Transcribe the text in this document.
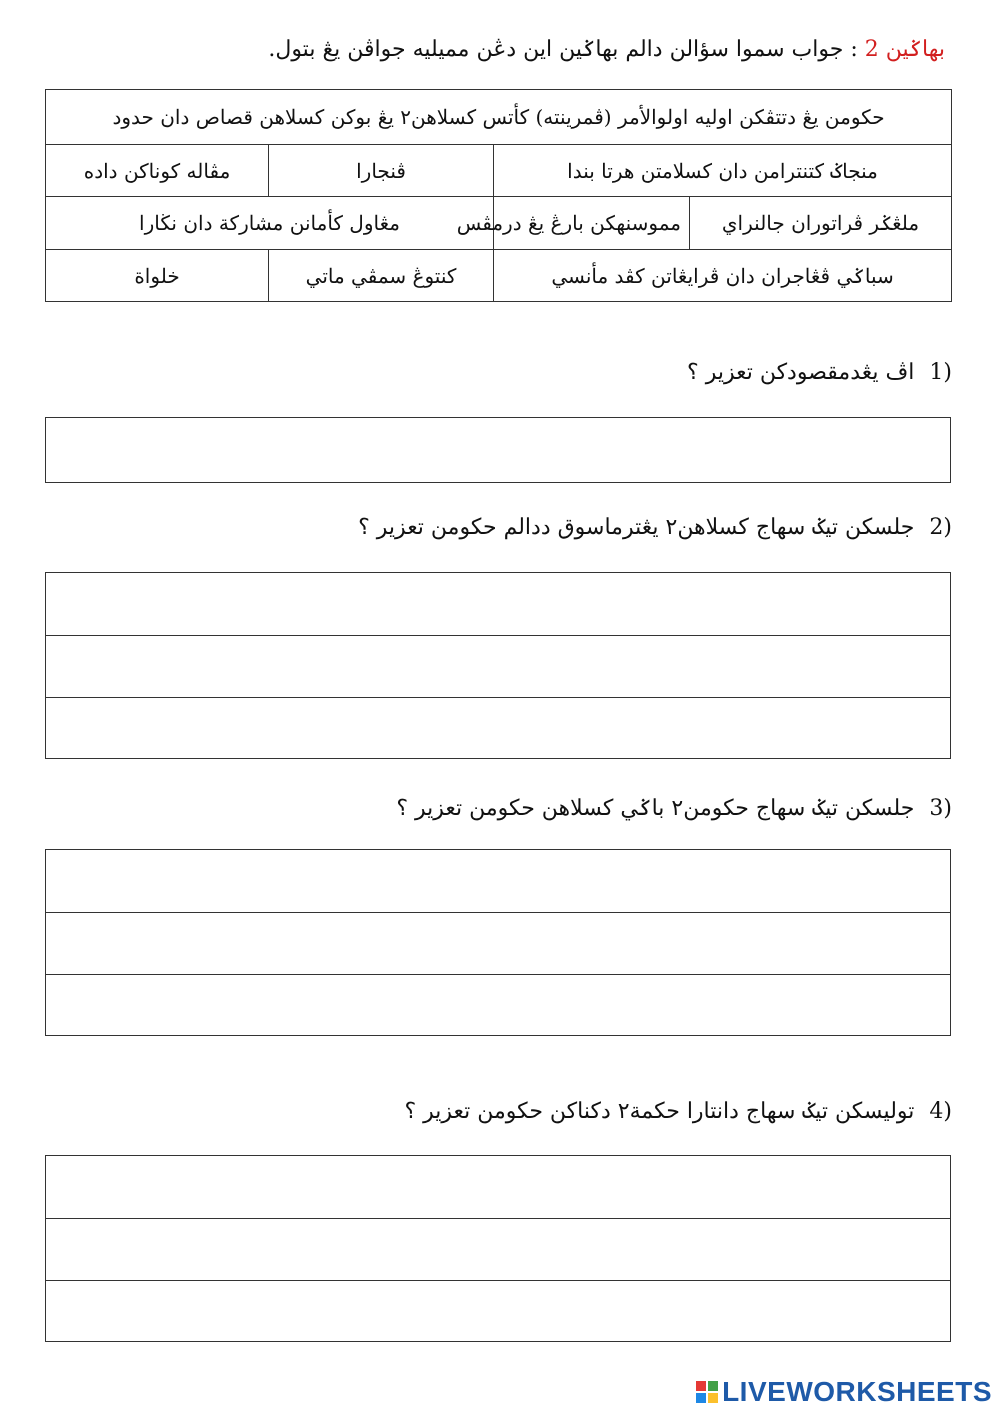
بهاݢين 2 : جواب سموا سؤالن دالم بهاݢين اين دڠن مميليه جواڤن يڠ بتول.
حكومن يڠ دتتڤكن اوليه اولوالأمر (ڤمرينته) كأتس كسلاهن٢ يڠ بوكن كسلاهن قصاص دان حدود			
منجاݢ كتنترامن دان كسلامتن هرتا بندا		ڤنجارا	مڤاله كوناكن داده
ملڠݢر ڤراتوران جالنراي	مموسنهكن بارڠ يڠ درمڤس	مڠاول كأمانن مشاركة دان نڬارا	
سباݢي ڤڠاجران دان ڤرايڠاتن كڤد مأنسي		كنتوڠ سمڤي ماتي	خلواة
1) اڤ يڠدمقصودكن تعزير ؟
2) جلسكن تيݢ سهاج كسلاهن٢ يڠترماسوق ددالم حكومن تعزير ؟
3) جلسكن تيݢ سهاج حكومن٢ باݢي كسلاهن حكومن تعزير ؟
4) توليسكن تيݢ سهاج دانتارا حكمة٢ دكناكن حكومن تعزير ؟
LIVEWORKSHEETS
